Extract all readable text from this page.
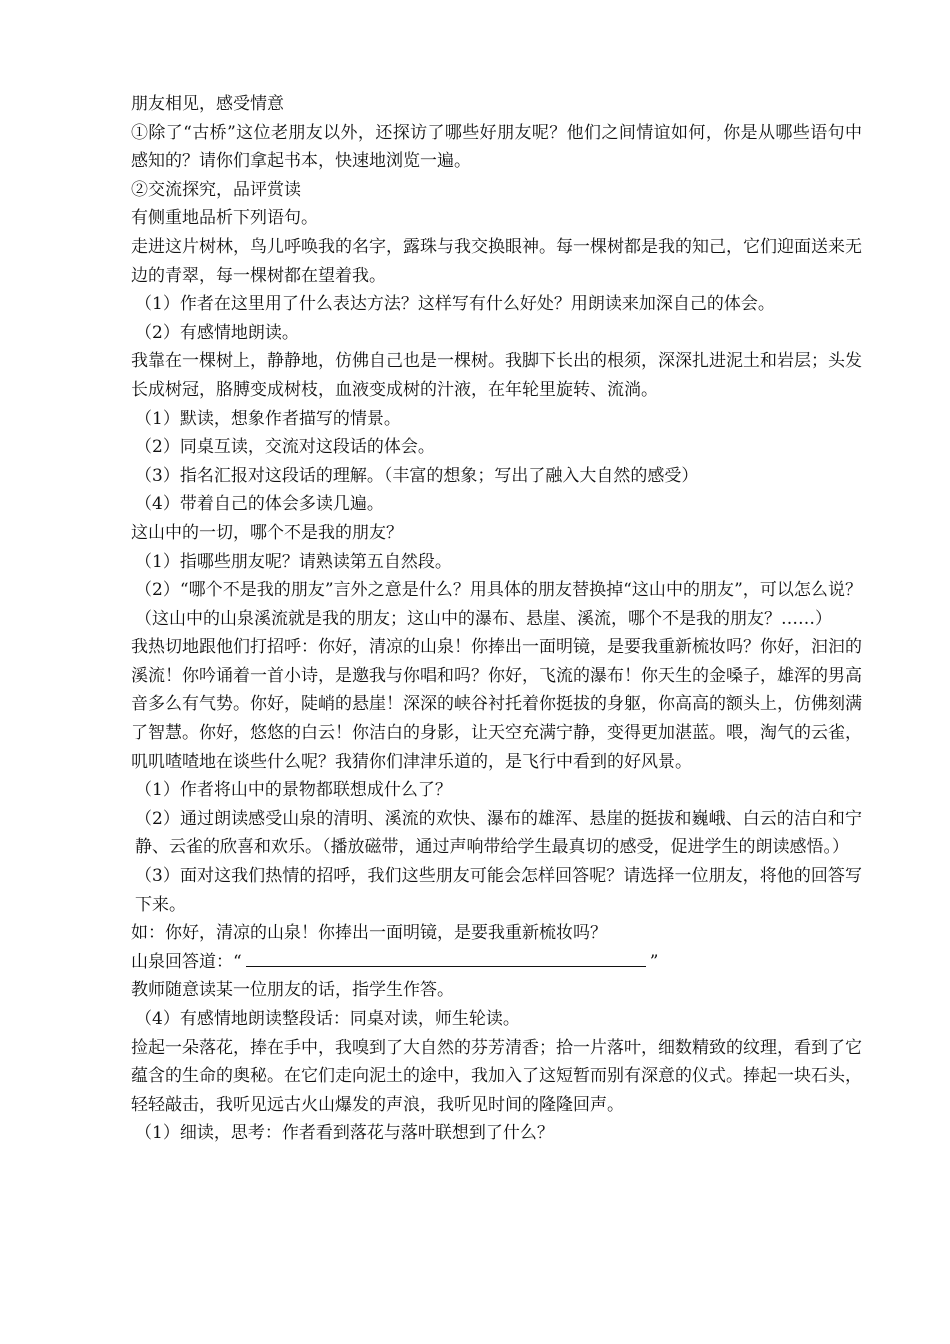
朋友相见，感受情意

①除了“古桥”这位老朋友以外，还探访了哪些好朋友呢？他们之间情谊如何，你是从哪些语句中感知的？请你们拿起书本，快速地浏览一遍。

②交流探究，品评赏读

有侧重地品析下列语句。

走进这片树林，鸟儿呼唤我的名字，露珠与我交换眼神。每一棵树都是我的知己，它们迎面送来无边的青翠，每一棵树都在望着我。

（1）作者在这里用了什么表达方法？这样写有什么好处？用朗读来加深自己的体会。

（2）有感情地朗读。

我靠在一棵树上，静静地，仿佛自己也是一棵树。我脚下长出的根须，深深扎进泥土和岩层；头发长成树冠，胳膊变成树枝，血液变成树的汁液，在年轮里旋转、流淌。

（1）默读，想象作者描写的情景。

（2）同桌互读，交流对这段话的体会。

（3）指名汇报对这段话的理解。（丰富的想象；写出了融入大自然的感受）

（4）带着自己的体会多读几遍。

这山中的一切，哪个不是我的朋友？

（1）指哪些朋友呢？请熟读第五自然段。

（2）“哪个不是我的朋友”言外之意是什么？用具体的朋友替换掉“这山中的朋友”，可以怎么说？（这山中的山泉溪流就是我的朋友；这山中的瀑布、悬崖、溪流，哪个不是我的朋友？……）

我热切地跟他们打招呼：你好，清凉的山泉！你捧出一面明镜，是要我重新梳妆吗？你好，汩汩的溪流！你吟诵着一首小诗，是邀我与你唱和吗？你好，飞流的瀑布！你天生的金嗓子，雄浑的男高音多么有气势。你好，陡峭的悬崖！深深的峡谷衬托着你挺拔的身躯，你高高的额头上，仿佛刻满了智慧。你好，悠悠的白云！你洁白的身影，让天空充满宁静，变得更加湛蓝。喂，淘气的云雀，叽叽喳喳地在谈些什么呢？我猜你们津津乐道的，是飞行中看到的好风景。

（1）作者将山中的景物都联想成什么了？

（2）通过朗读感受山泉的清明、溪流的欢快、瀑布的雄浑、悬崖的挺拔和巍峨、白云的洁白和宁静、云雀的欣喜和欢乐。（播放磁带，通过声响带给学生最真切的感受，促进学生的朗读感悟。）

（3）面对这我们热情的招呼，我们这些朋友可能会怎样回答呢？请选择一位朋友，将他的回答写下来。

如：你好，清凉的山泉！你捧出一面明镜，是要我重新梳妆吗？

山泉回答道：“	”

教师随意读某一位朋友的话，指学生作答。

（4）有感情地朗读整段话：同桌对读，师生轮读。

捡起一朵落花，捧在手中，我嗅到了大自然的芬芳清香；拾一片落叶，细数精致的纹理，看到了它蕴含的生命的奥秘。在它们走向泥土的途中，我加入了这短暂而别有深意的仪式。捧起一块石头，轻轻敲击，我听见远古火山爆发的声浪，我听见时间的隆隆回声。

（1）细读，思考：作者看到落花与落叶联想到了什么？
